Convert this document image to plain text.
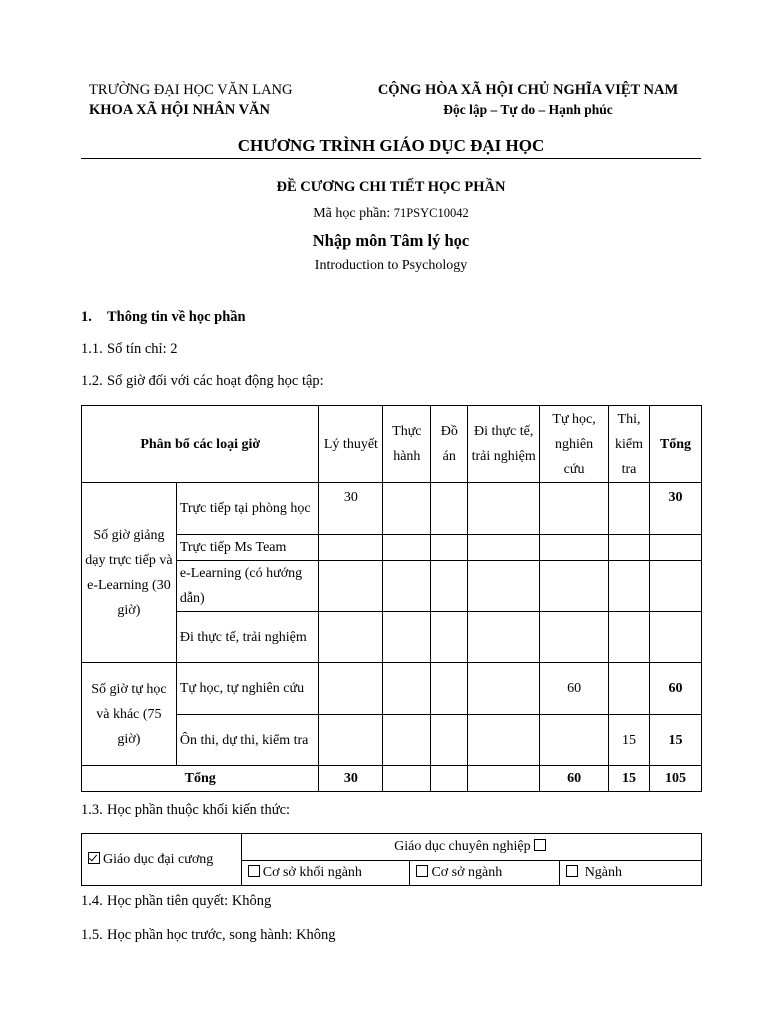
TRƯỜNG ĐẠI HỌC VĂN LANG
KHOA XÃ HỘI NHÂN VĂN
CỘNG HÒA XÃ HỘI CHỦ NGHĨA VIỆT NAM
Độc lập – Tự do – Hạnh phúc
CHƯƠNG TRÌNH GIÁO DỤC ĐẠI HỌC
ĐỀ CƯƠNG CHI TIẾT HỌC PHẦN
Mã học phần: 71PSYC10042
Nhập môn Tâm lý học
Introduction to Psychology
1. Thông tin về học phần
1.1. Số tín chỉ: 2
1.2. Số giờ đối với các hoạt động học tập:
Phân bổ các loại giờ		Lý thuyết	Thực hành	Đồ án	Đi thực tế, trải nghiệm	Tự học, nghiên cứu	Thi, kiểm tra	Tổng
Số giờ giảng dạy trực tiếp và e-Learning (30 giờ)	Trực tiếp tại phòng học	30						30
	Trực tiếp Ms Team							
	e-Learning (có hướng dẫn)							
	Đi thực tế, trải nghiệm							
Số giờ tự học và khác (75 giờ)	Tự học, tự nghiên cứu					60		60
	Ôn thi, dự thi, kiểm tra						15	15
Tổng		30				60	15	105
1.3. Học phần thuộc khối kiến thức:
Giáo dục đại cương	Giáo dục chuyên nghiệp		
	Cơ sở khối ngành	Cơ sở ngành	Ngành
1.4. Học phần tiên quyết: Không
1.5. Học phần học trước, song hành: Không
